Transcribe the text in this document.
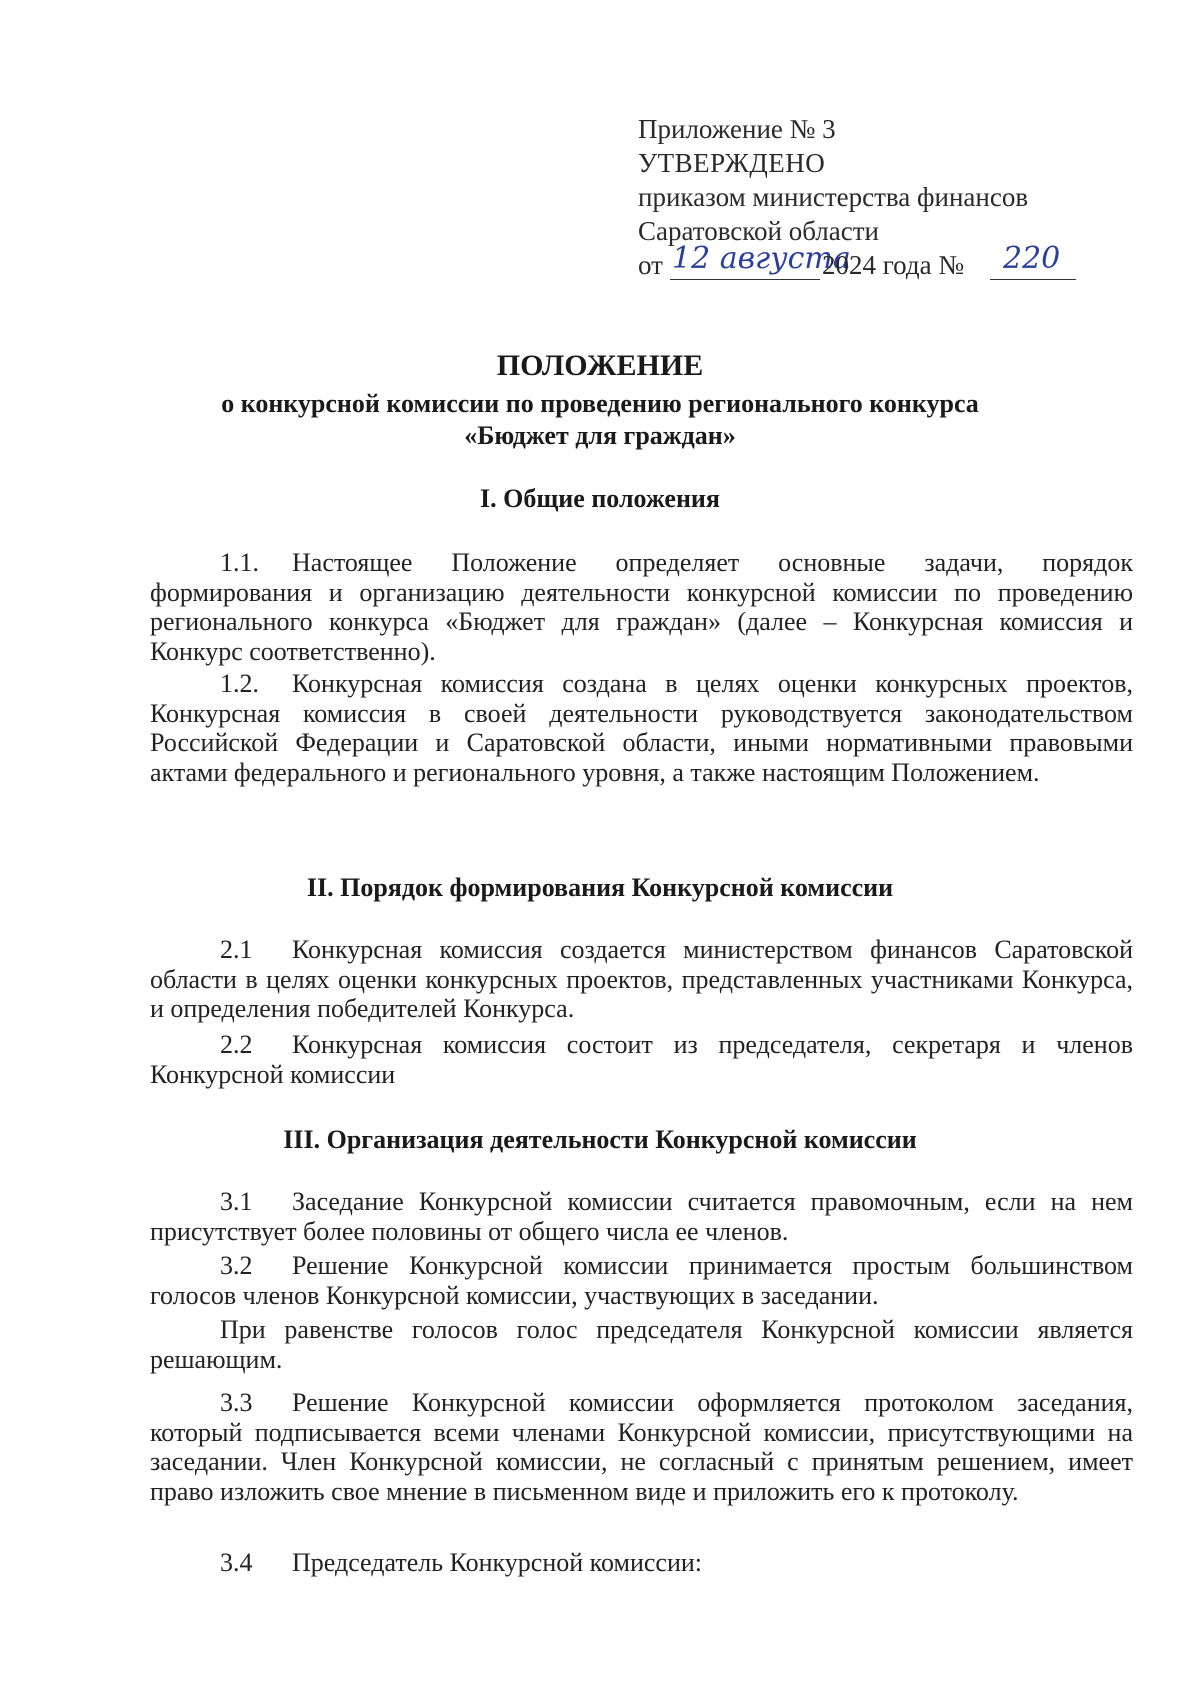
Приложение № 3
УТВЕРЖДЕНО
приказом министерства финансов
Саратовской области
от 12 августа
2024 года № 220
ПОЛОЖЕНИЕ
о конкурсной комиссии по проведению регионального конкурса
«Бюджет для граждан»
I. Общие положения
1.1. Настоящее Положение определяет основные задачи, порядок формирования и организацию деятельности конкурсной комиссии по проведению регионального конкурса «Бюджет для граждан» (далее – Конкурсная комиссия и Конкурс соответственно).
1.2. Конкурсная комиссия создана в целях оценки конкурсных проектов, Конкурсная комиссия в своей деятельности руководствуется законодательством Российской Федерации и Саратовской области, иными нормативными правовыми актами федерального и регионального уровня, а также настоящим Положением.
II. Порядок формирования Конкурсной комиссии
2.1 Конкурсная комиссия создается министерством финансов Саратовской области в целях оценки конкурсных проектов, представленных участниками Конкурса, и определения победителей Конкурса.
2.2 Конкурсная комиссия состоит из председателя, секретаря и членов Конкурсной комиссии
III. Организация деятельности Конкурсной комиссии
3.1 Заседание Конкурсной комиссии считается правомочным, если на нем присутствует более половины от общего числа ее членов.
3.2 Решение Конкурсной комиссии принимается простым большинством голосов членов Конкурсной комиссии, участвующих в заседании.
При равенстве голосов голос председателя Конкурсной комиссии является решающим.
3.3 Решение Конкурсной комиссии оформляется протоколом заседания, который подписывается всеми членами Конкурсной комиссии, присутствующими на заседании. Член Конкурсной комиссии, не согласный с принятым решением, имеет право изложить свое мнение в письменном виде и приложить его к протоколу.
3.4 Председатель Конкурсной комиссии:
